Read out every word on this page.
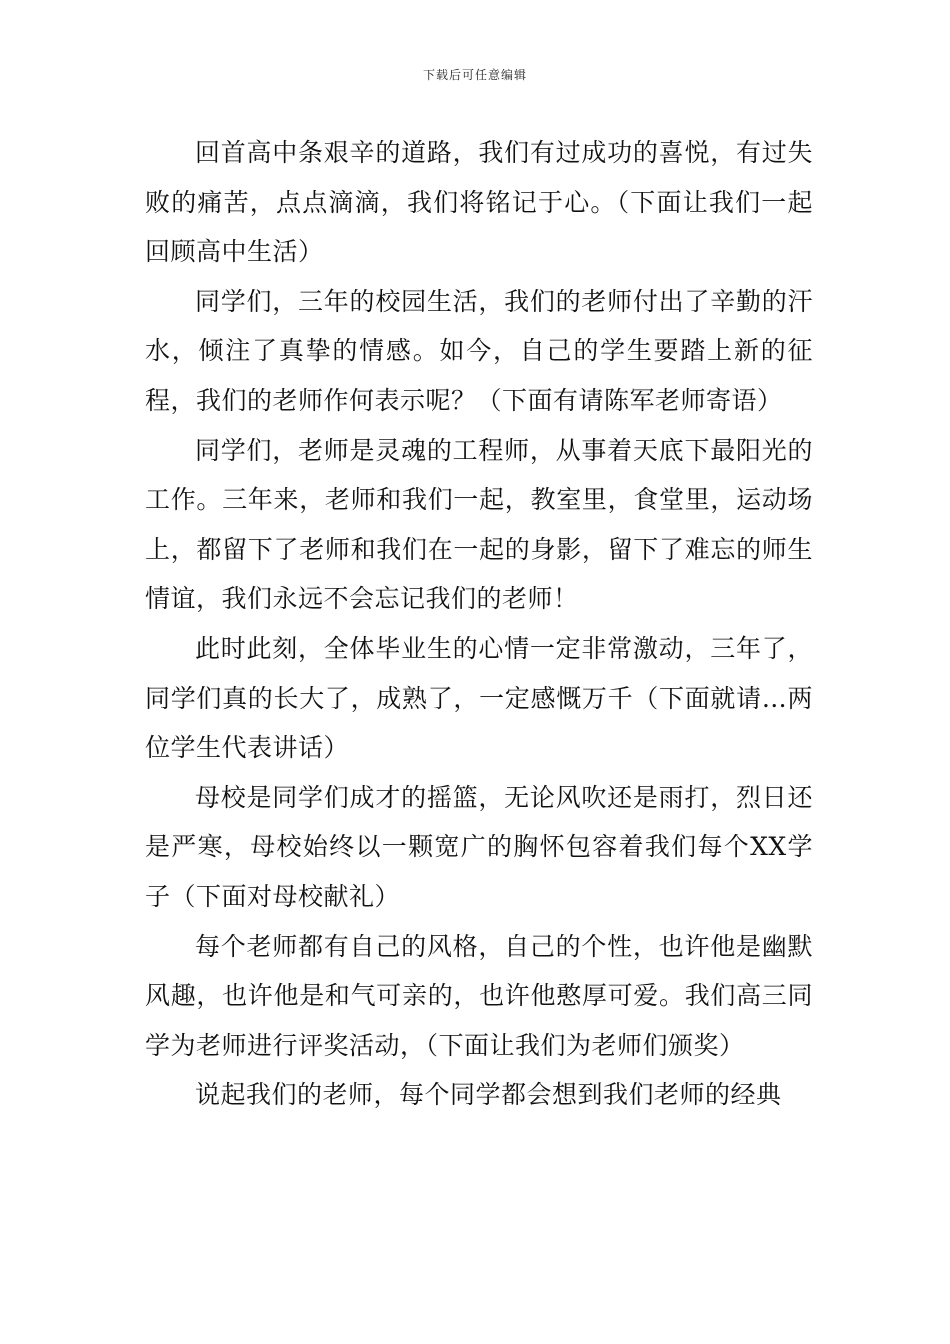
下载后可任意编辑

回首高中条艰辛的道路，我们有过成功的喜悦，有过失败的痛苦，点点滴滴，我们将铭记于心。（下面让我们一起回顾高中生活）

同学们，三年的校园生活，我们的老师付出了辛勤的汗水，倾注了真挚的情感。如今，自己的学生要踏上新的征程，我们的老师作何表示呢？（下面有请陈军老师寄语）

同学们，老师是灵魂的工程师，从事着天底下最阳光的工作。三年来，老师和我们一起，教室里，食堂里，运动场上，都留下了老师和我们在一起的身影，留下了难忘的师生情谊，我们永远不会忘记我们的老师！

此时此刻，全体毕业生的心情一定非常激动，三年了，同学们真的长大了，成熟了，一定感慨万千（下面就请…两位学生代表讲话）

母校是同学们成才的摇篮，无论风吹还是雨打，烈日还是严寒，母校始终以一颗宽广的胸怀包容着我们每个XX学子（下面对母校献礼）

每个老师都有自己的风格，自己的个性，也许他是幽默风趣，也许他是和气可亲的，也许他憨厚可爱。我们高三同学为老师进行评奖活动，（下面让我们为老师们颁奖）

说起我们的老师，每个同学都会想到我们老师的经典
